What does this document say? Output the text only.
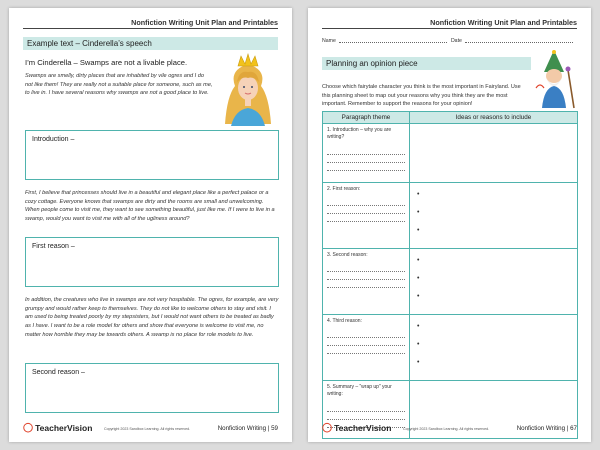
Nonfiction Writing Unit Plan and Printables
Example text – Cinderella’s speech
I’m Cinderella – Swamps are not a livable place.
Swamps are smelly, dirty places that are inhabited by vile ogres and I do not like them! They are really not a suitable place for someone, such as me, to live in. I have several reasons why swamps are not a good place to live.
Introduction –
First, I believe that princesses should live in a beautiful and elegant place like a perfect palace or a cozy cottage. Everyone knows that swamps are dirty and the rooms are small and unwelcoming. When people come to visit me, they want to see something beautiful, just like me. If I were to live in a swamp, would you want to visit me with all of the ugliness around?
First reason –
In addition, the creatures who live in swamps are not very hospitable. The ogres, for example, are very grumpy and would rather keep to themselves. They do not like to welcome others to stay and visit. I am used to being treated poorly by my stepsisters, but I would not want others to be treated as badly as I have. I want to be a role model for others and show that everyone is welcome to visit me, no matter how horrible they may be towards others. A swamp is no place for role models to live.
Second reason –
◯ TeacherVision	Copyright 2023 Sandbox Learning. All rights reserved.	Nonfiction Writing | 59
Nonfiction Writing Unit Plan and Printables
Name	Date
Planning an opinion piece
Choose which fairytale character you think is the most important in Fairyland. Use this planning sheet to map out your reasons why you think they are the most important. Remember to support the reasons for your opinion!
Paragraph theme	Ideas or reasons to include

1. Introduction – why you are writing?	

2. First reason:	•
•
•

3. Second reason:	•
•
•

4. Third reason:	•
•
•

5. Summary – “wrap up” your writing:	

◯ TeacherVision	Copyright 2023 Sandbox Learning. All rights reserved.	Nonfiction Writing | 67
